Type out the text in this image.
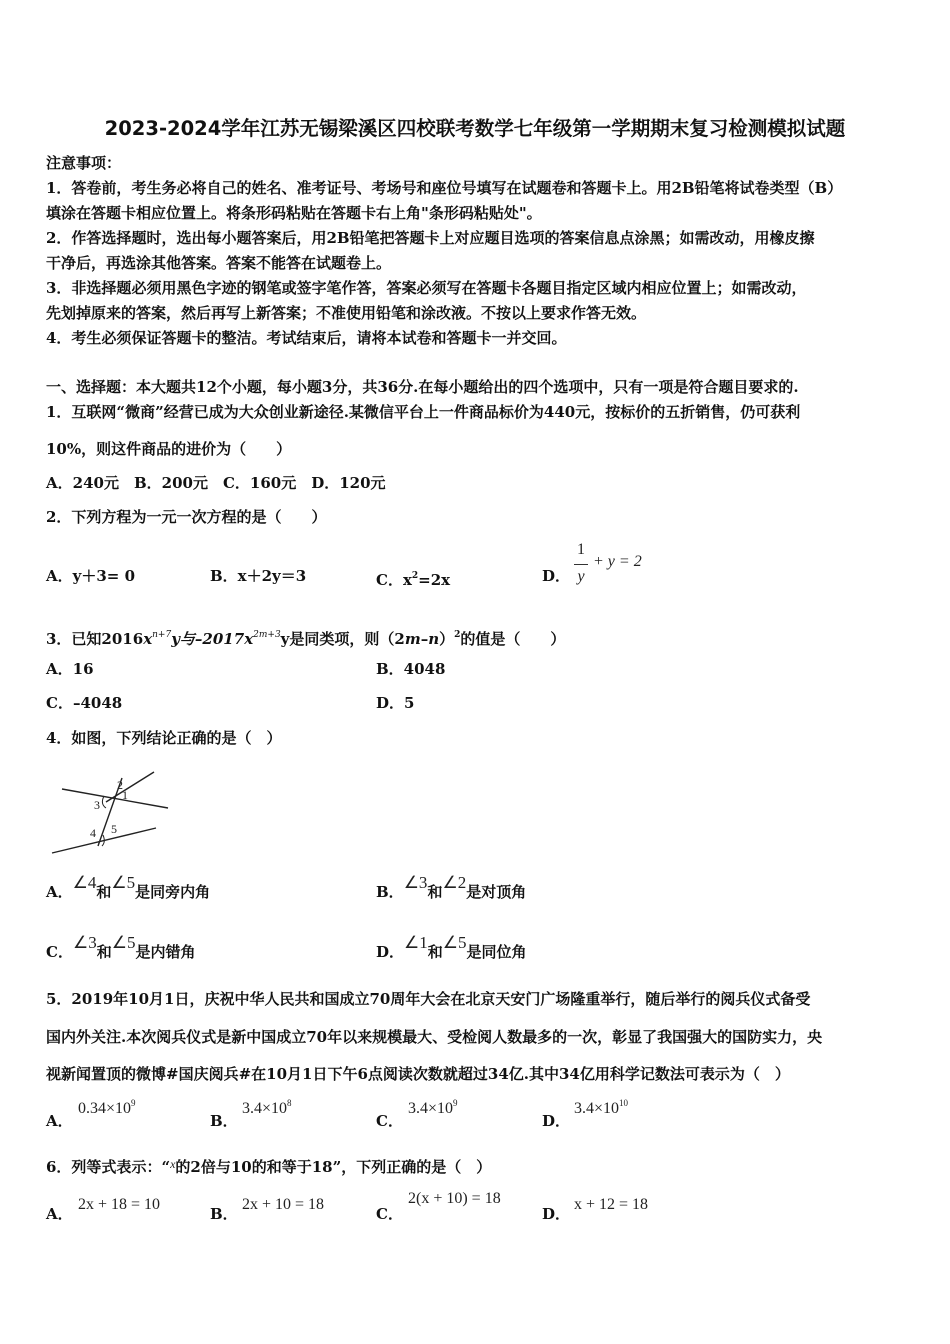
2023-2024学年江苏无锡梁溪区四校联考数学七年级第一学期期末复习检测模拟试题
注意事项：
1．答卷前，考生务必将自己的姓名、准考证号、考场号和座位号填写在试题卷和答题卡上。用2B铅笔将试卷类型（B）
填涂在答题卡相应位置上。将条形码粘贴在答题卡右上角"条形码粘贴处"。
2．作答选择题时，选出每小题答案后，用2B铅笔把答题卡上对应题目选项的答案信息点涂黑；如需改动，用橡皮擦
干净后，再选涂其他答案。答案不能答在试题卷上。
3．非选择题必须用黑色字迹的钢笔或签字笔作答，答案必须写在答题卡各题目指定区域内相应位置上；如需改动，
先划掉原来的答案，然后再写上新答案；不准使用铅笔和涂改液。不按以上要求作答无效。
4．考生必须保证答题卡的整洁。考试结束后，请将本试卷和答题卡一并交回。
一、选择题：本大题共12个小题，每小题3分，共36分.在每小题给出的四个选项中，只有一项是符合题目要求的.
1．互联网“微商”经营已成为大众创业新途径.某微信平台上一件商品标价为440元，按标价的五折销售，仍可获利
10%，则这件商品的进价为（　　）
A．240元　B．200元　C．160元　D．120元
2．下列方程为一元一次方程的是（　　）
A．y＋3= 0	B．x＋2y＝3	C．$x^2=2x$	D．
1
y
+ y = 2
3．已知$2016x^{n+7}y$与$-2017x^{2m+3}y$是同类项，则$(2m-n)^2$的值是（　　）
A．16	B．4048
C．–4048	D．5
4．如图，下列结论正确的是（　）
2
1
3
4 5
A．∠4和∠5是同旁内角	B．∠3和∠2是对顶角
C．∠3和∠5是内错角	D．∠1和∠5是同位角
5．2019年10月1日，庆祝中华人民共和国成立70周年大会在北京天安门广场隆重举行，随后举行的阅兵仪式备受
国内外关注.本次阅兵仪式是新中国成立70年以来规模最大、受检阅人数最多的一次，彰显了我国强大的国防实力，央
视新闻置顶的微博#国庆阅兵#在10月1日下午6点阅读次数就超过34亿.其中34亿用科学记数法可表示为（　）
A．
$0.34\times 10^9$
B．
$3.4\times 10^8$
C．
$3.4\times 10^9$
D．
$3.4\times 10^{10}$
6．列等式表示：“$^x$的2倍与10的和等于18”，下列正确的是（　）
A．
2x + 18 = 10
B．
2x + 10 = 18
C．
2(x + 10) = 18
D．
x + 12 = 18
